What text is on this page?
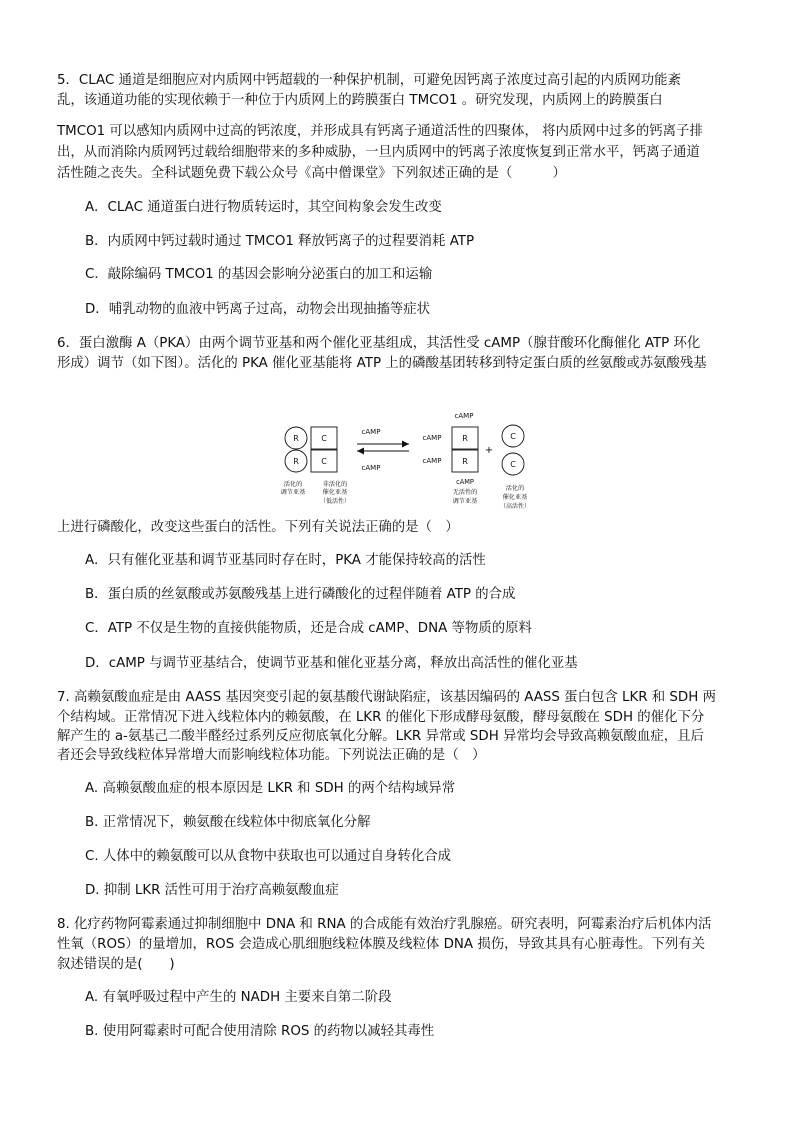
5．CLAC 通道是细胞应对内质网中钙超载的一种保护机制，可避免因钙离子浓度过高引起的内质网功能紊
乱，该通道功能的实现依赖于一种位于内质网上的跨膜蛋白 TMCO1 。研究发现，内质网上的跨膜蛋白
TMCO1 可以感知内质网中过高的钙浓度，并形成具有钙离子通道活性的四聚体， 将内质网中过多的钙离子排
出，从而消除内质网钙过载给细胞带来的多种威胁，一旦内质网中的钙离子浓度恢复到正常水平，钙离子通道
活性随之丧失。全科试题免费下载公众号《高中僧课堂》下列叙述正确的是（　　　）
A．CLAC 通道蛋白进行物质转运时，其空间构象会发生改变
B．内质网中钙过载时通过 TMCO1 释放钙离子的过程要消耗 ATP
C．敲除编码 TMCO1 的基因会影响分泌蛋白的加工和运输
D．哺乳动物的血液中钙离子过高，动物会出现抽搐等症状
6．蛋白激酶 A（PKA）由两个调节亚基和两个催化亚基组成，其活性受 cAMP（腺苷酸环化酶催化 ATP 环化
形成）调节（如下图）。活化的 PKA 催化亚基能将 ATP 上的磷酸基团转移到特定蛋白质的丝氨酸或苏氨酸残基
R
R
C
C
活化的
调节亚基
非活化的
催化亚基
（低活性）
cAMP
cAMP
cAMP
cAMP
cAMP
R
R
cAMP
无活性的
调节亚基
+
C
C
活化的
催化亚基
（高活性）
上进行磷酸化，改变这些蛋白的活性。下列有关说法正确的是（　）
A．只有催化亚基和调节亚基同时存在时，PKA 才能保持较高的活性
B．蛋白质的丝氨酸或苏氨酸残基上进行磷酸化的过程伴随着 ATP 的合成
C．ATP 不仅是生物的直接供能物质，还是合成 cAMP、DNA 等物质的原料
D．cAMP 与调节亚基结合，使调节亚基和催化亚基分离，释放出高活性的催化亚基
7. 高赖氨酸血症是由 AASS 基因突变引起的氨基酸代谢缺陷症，该基因编码的 AASS 蛋白包含 LKR 和 SDH 两
个结构域。正常情况下进入线粒体内的赖氨酸，在 LKR 的催化下形成酵母氨酸，酵母氨酸在 SDH 的催化下分
解产生的 a-氨基己二酸半醛经过系列反应彻底氧化分解。LKR 异常或 SDH 异常均会导致高赖氨酸血症，且后
者还会导致线粒体异常增大而影响线粒体功能。下列说法正确的是（　）
A. 高赖氨酸血症的根本原因是 LKR 和 SDH 的两个结构域异常
B. 正常情况下，赖氨酸在线粒体中彻底氧化分解
C. 人体中的赖氨酸可以从食物中获取也可以通过自身转化合成
D. 抑制 LKR 活性可用于治疗高赖氨酸血症
8. 化疗药物阿霉素通过抑制细胞中 DNA 和 RNA 的合成能有效治疗乳腺癌。研究表明，阿霉素治疗后机体内活
性氧（ROS）的量增加，ROS 会造成心肌细胞线粒体膜及线粒体 DNA 损伤，导致其具有心脏毒性。下列有关
叙述错误的是(　　)
A. 有氧呼吸过程中产生的 NADH 主要来自第二阶段
B. 使用阿霉素时可配合使用清除 ROS 的药物以减轻其毒性
